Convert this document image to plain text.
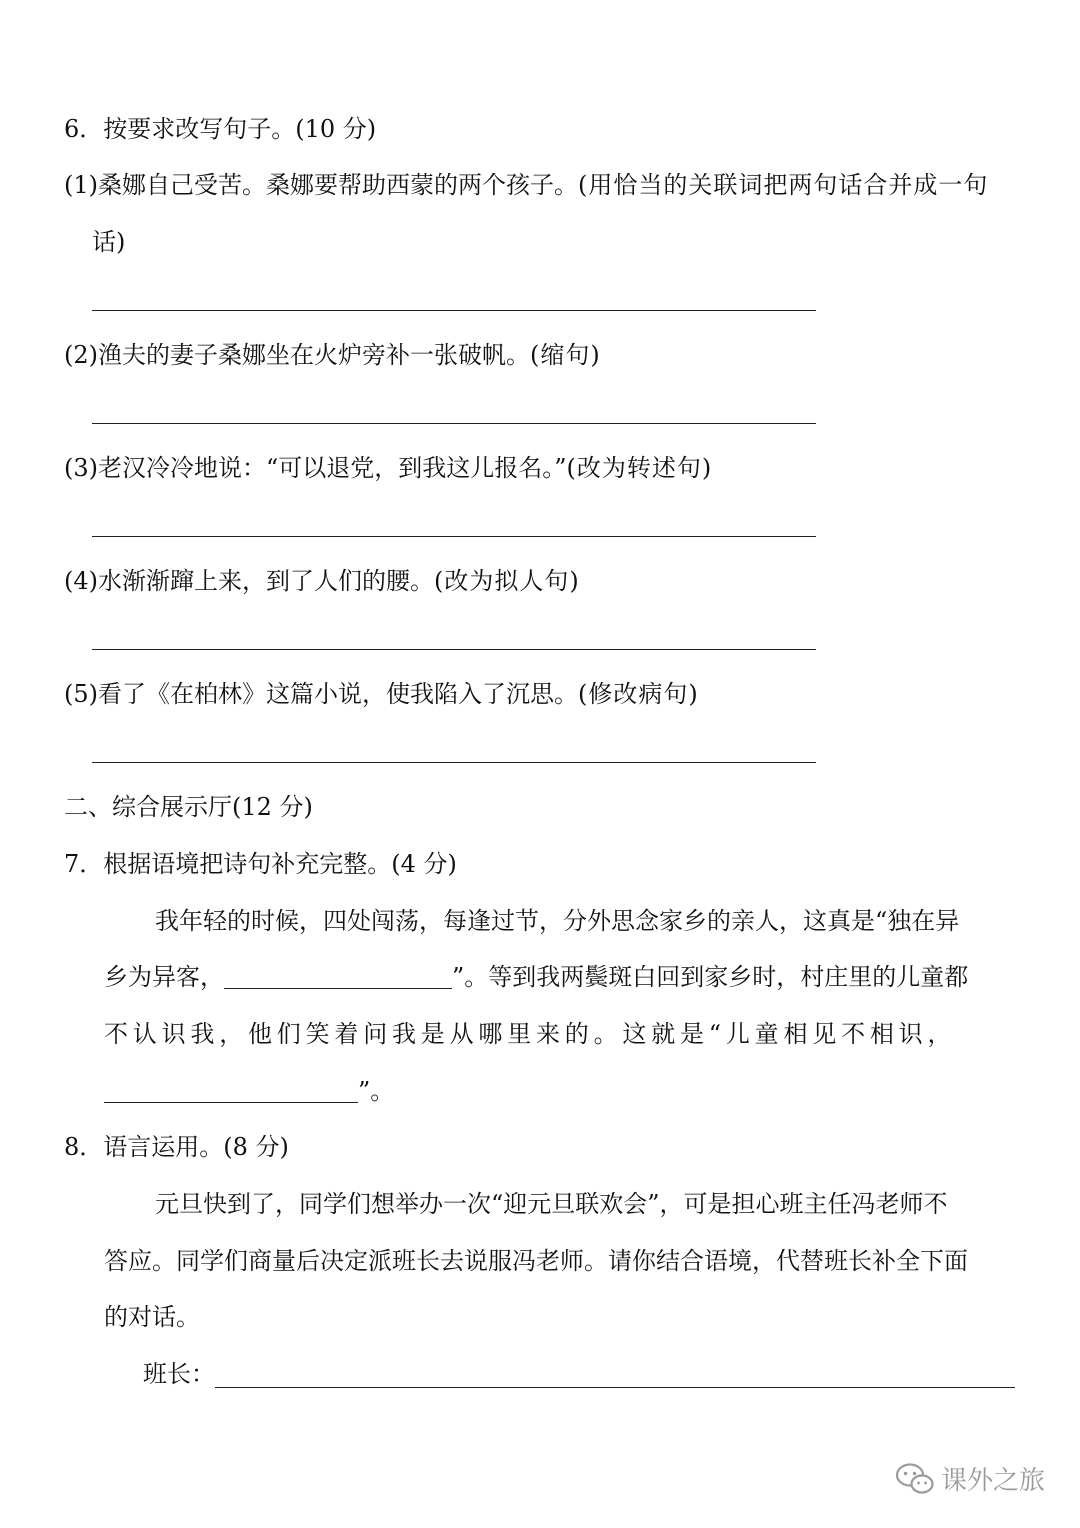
6．按要求改写句子。(10 分)
(1)桑娜自己受苦。桑娜要帮助西蒙的两个孩子。(用恰当的关联词把两句话合并成一句
话)
(2)渔夫的妻子桑娜坐在火炉旁补一张破帆。(缩句)
(3)老汉冷冷地说：“可以退党，到我这儿报名。”(改为转述句)
(4)水渐渐蹿上来，到了人们的腰。(改为拟人句)
(5)看了《在柏林》这篇小说，使我陷入了沉思。(修改病句)
二、综合展示厅(12 分)
7．根据语境把诗句补充完整。(4 分)
我年轻的时候，四处闯荡，每逢过节，分外思念家乡的亲人，这真是“独在异
乡为异客，	”。等到我两鬓斑白回到家乡时，村庄里的儿童都
不认识我，他们笑着问我是从哪里来的。这就是“儿童相见不相识，
”。
8．语言运用。(8 分)
元旦快到了，同学们想举办一次“迎元旦联欢会”，可是担心班主任冯老师不
答应。同学们商量后决定派班长去说服冯老师。请你结合语境，代替班长补全下面
的对话。
班长：
课外之旅
